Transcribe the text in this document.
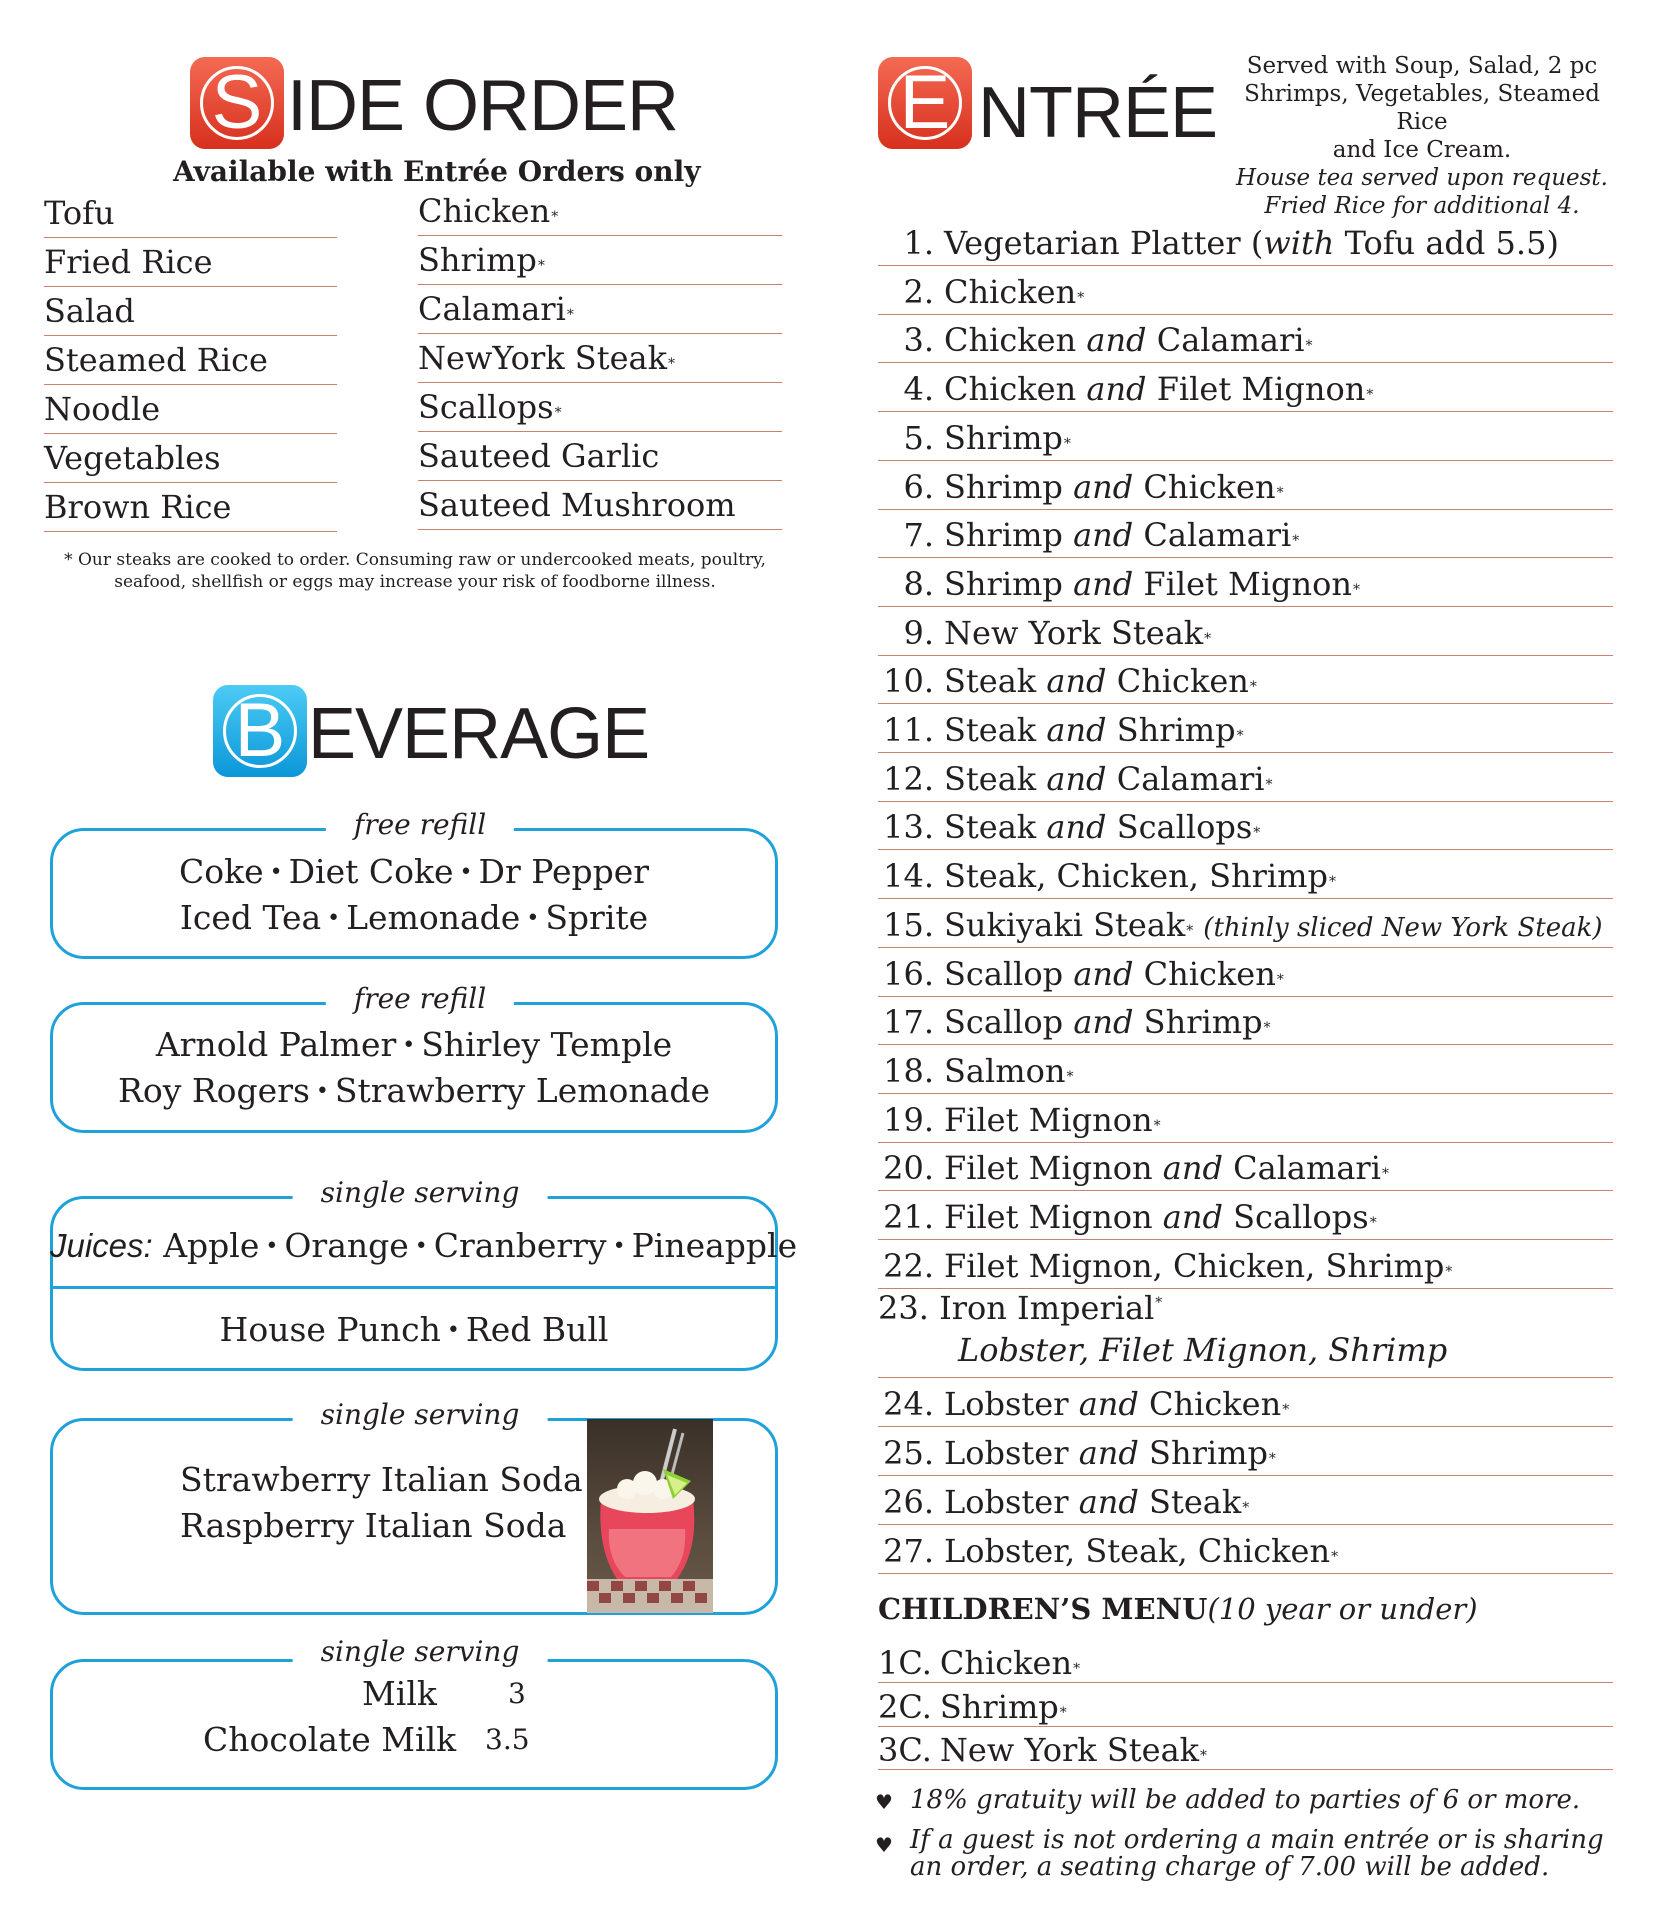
S IDE ORDER
Available with Entrée Orders only
Tofu
Fried Rice
Salad
Steamed Rice
Noodle
Vegetables
Brown Rice
Chicken*
Shrimp*
Calamari*
NewYork Steak*
Scallops*
Sauteed Garlic
Sauteed Mushroom
* Our steaks are cooked to order. Consuming raw or undercooked meats, poultry,
seafood, shellfish or eggs may increase your risk of foodborne illness.
B EVERAGE
free refill
Coke • Diet Coke • Dr Pepper
Iced Tea • Lemonade • Sprite
free refill
Arnold Palmer • Shirley Temple
Roy Rogers • Strawberry Lemonade
single serving
Juices: Apple • Orange • Cranberry • Pineapple
House Punch • Red Bull
single serving
Strawberry Italian Soda
Raspberry Italian Soda
single serving
Milk	3
Chocolate Milk 3.5
E NTRÉE
Served with Soup, Salad, 2 pc
Shrimps, Vegetables, Steamed Rice
and Ice Cream.
House tea served upon request.
Fried Rice for additional 4.
1. Vegetarian Platter (with Tofu add 5.5)
2. Chicken*
3. Chicken and Calamari*
4. Chicken and Filet Mignon*
5. Shrimp*
6. Shrimp and Chicken*
7. Shrimp and Calamari*
8. Shrimp and Filet Mignon*
9. New York Steak*
10. Steak and Chicken*
11. Steak and Shrimp*
12. Steak and Calamari*
13. Steak and Scallops*
14. Steak, Chicken, Shrimp*
15. Sukiyaki Steak* (thinly sliced New York Steak)
16. Scallop and Chicken*
17. Scallop and Shrimp*
18. Salmon*
19. Filet Mignon*
20. Filet Mignon and Calamari*
21. Filet Mignon and Scallops*
22. Filet Mignon, Chicken, Shrimp*
23. Iron Imperial*
Lobster, Filet Mignon, Shrimp
24. Lobster and Chicken*
25. Lobster and Shrimp*
26. Lobster and Steak*
27. Lobster, Steak, Chicken*
CHILDREN’S MENU(10 year or under)
1C. Chicken*
2C. Shrimp*
3C. New York Steak*
♥ 18% gratuity will be added to parties of 6 or more.
♥ If a guest is not ordering a main entrée or is sharing
an order, a seating charge of 7.00 will be added.
